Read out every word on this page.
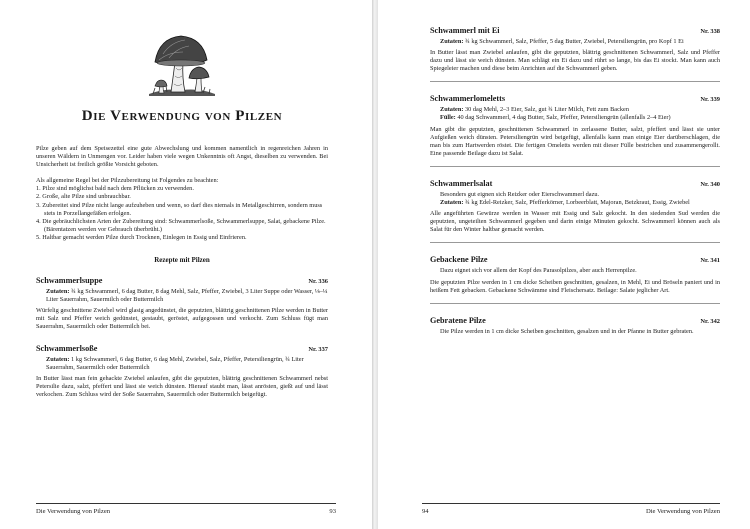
Die Verwendung von Pilzen

Pilze geben auf dem Speisezettel eine gute Abwechslung und kommen namentlich in regenreichen Jahren in unseren Wäldern in Unmengen vor. Leider haben viele wegen Unkenntnis oft Angst, dieselben zu verwenden. Bei Unsicherheit ist freilich größte Vorsicht geboten.

Als allgemeine Regel bei der Pilzzubereitung ist Folgendes zu beachten:

1. Pilze sind möglichst bald nach dem Pflücken zu verwenden.
2. Große, alte Pilze sind unbrauchbar.
3. Zubereitet sind Pilze nicht lange aufzuheben und wenn, so darf dies niemals in Metallgeschirren, sondern muss stets in Porzellangefäßen erfolgen.
4. Die gebräuchlichsten Arten der Zubereitung sind: Schwammerlsoße, Schwammerlsuppe, Salat, gebackene Pilze. (Bärentatzen werden vor Gebrauch überbrüht.)
5. Haltbar gemacht werden Pilze durch Trocknen, Einlegen in Essig und Einfrieren.
Rezepte mit Pilzen
Schwammerlsuppe	Nr. 336
Zutaten: ¾ kg Schwammerl, 6 dag Butter, 8 dag Mehl, Salz, Pfeffer, Zwiebel, 3 Liter Suppe oder Wasser, ⅛–¼ Liter Sauerrahm, Sauermilch oder Buttermilch

Würfelig geschnittene Zwiebel wird glasig angedünstet, die geputzten, blättrig geschnittenen Pilze werden in Butter mit Salz und Pfeffer weich gedünstet, gestaubt, geröstet, aufgegossen und verkocht. Zum Schluss fügt man Sauerrahm, Sauermilch oder Buttermilch bei.

Schwammerlsoße	Nr. 337
Zutaten: 1 kg Schwammerl, 6 dag Butter, 6 dag Mehl, Zwiebel, Salz, Pfeffer, Petersiliengrün, ¾ Liter Sauerrahm, Sauermilch oder Buttermilch

In Butter lässt man fein gehackte Zwiebel anlaufen, gibt die geputzten, blättrig geschnittenen Schwammerl nebst Petersilie dazu, salzt, pfeffert und lässt sie weich dünsten. Hierauf staubt man, lässt anrösten, gießt auf und lässt verkochen. Zum Schluss wird der Soße Sauerrahm, Sauermilch oder Buttermilch beigefügt.

Die Verwendung von Pilzen	93
Schwammerl mit Ei	Nr. 338
Zutaten: ¾ kg Schwammerl, Salz, Pfeffer, 5 dag Butter, Zwiebel, Petersiliengrün, pro Kopf 1 Ei

In Butter lässt man Zwiebel anlaufen, gibt die geputzten, blättrig geschnittenen Schwammerl, Salz und Pfeffer dazu und lässt sie weich dünsten. Man schlägt ein Ei dazu und rührt so lange, bis das Ei stockt. Man kann auch Spiegeleier machen und diese beim Anrichten auf die Schwammerl geben.

Schwammerlomeletts	Nr. 339
Zutaten: 30 dag Mehl, 2–3 Eier, Salz, gut ¾ Liter Milch, Fett zum Backen
Fülle: 40 dag Schwammerl, 4 dag Butter, Salz, Pfeffer, Petersiliengrün (allenfalls 2–4 Eier)

Man gibt die geputzten, geschnittenen Schwammerl in zerlassene Butter, salzt, pfeffert und lässt sie unter Aufgießen weich dünsten. Petersiliengrün wird beigefügt, allenfalls kann man einige Eier darüberschlagen, die man bis zum Hartwerden röstet. Die fertigen Omeletts werden mit dieser Fülle bestrichen und zusammengerollt. Eine passende Beilage dazu ist Salat.

Schwammerlsalat	Nr. 340
Besonders gut eignen sich Reizker oder Eierschwammerl dazu.
Zutaten: ¾ kg Edel-Reizker, Salz, Pfefferkörner, Lorbeerblatt, Majoran, Beizkraut, Essig, Zwiebel

Alle angeführten Gewürze werden in Wasser mit Essig und Salz gekocht. In den siedenden Sud werden die geputzten, ungeteilten Schwammerl gegeben und darin einige Minuten gekocht. Schwammerl können auch als Salat für den Winter haltbar gemacht werden.

Gebackene Pilze	Nr. 341
Dazu eignet sich vor allem der Kopf des Parasolpilzes, aber auch Herrenpilze.

Die geputzten Pilze werden in 1 cm dicke Scheiben geschnitten, gesalzen, in Mehl, Ei und Bröseln paniert und in heißem Fett gebacken. Gebackene Schwämme sind Fleischersatz. Beilage: Salate jeglicher Art.

Gebratene Pilze	Nr. 342
Die Pilze werden in 1 cm dicke Scheiben geschnitten, gesalzen und in der Pfanne in Butter gebraten.
94	Die Verwendung von Pilzen
